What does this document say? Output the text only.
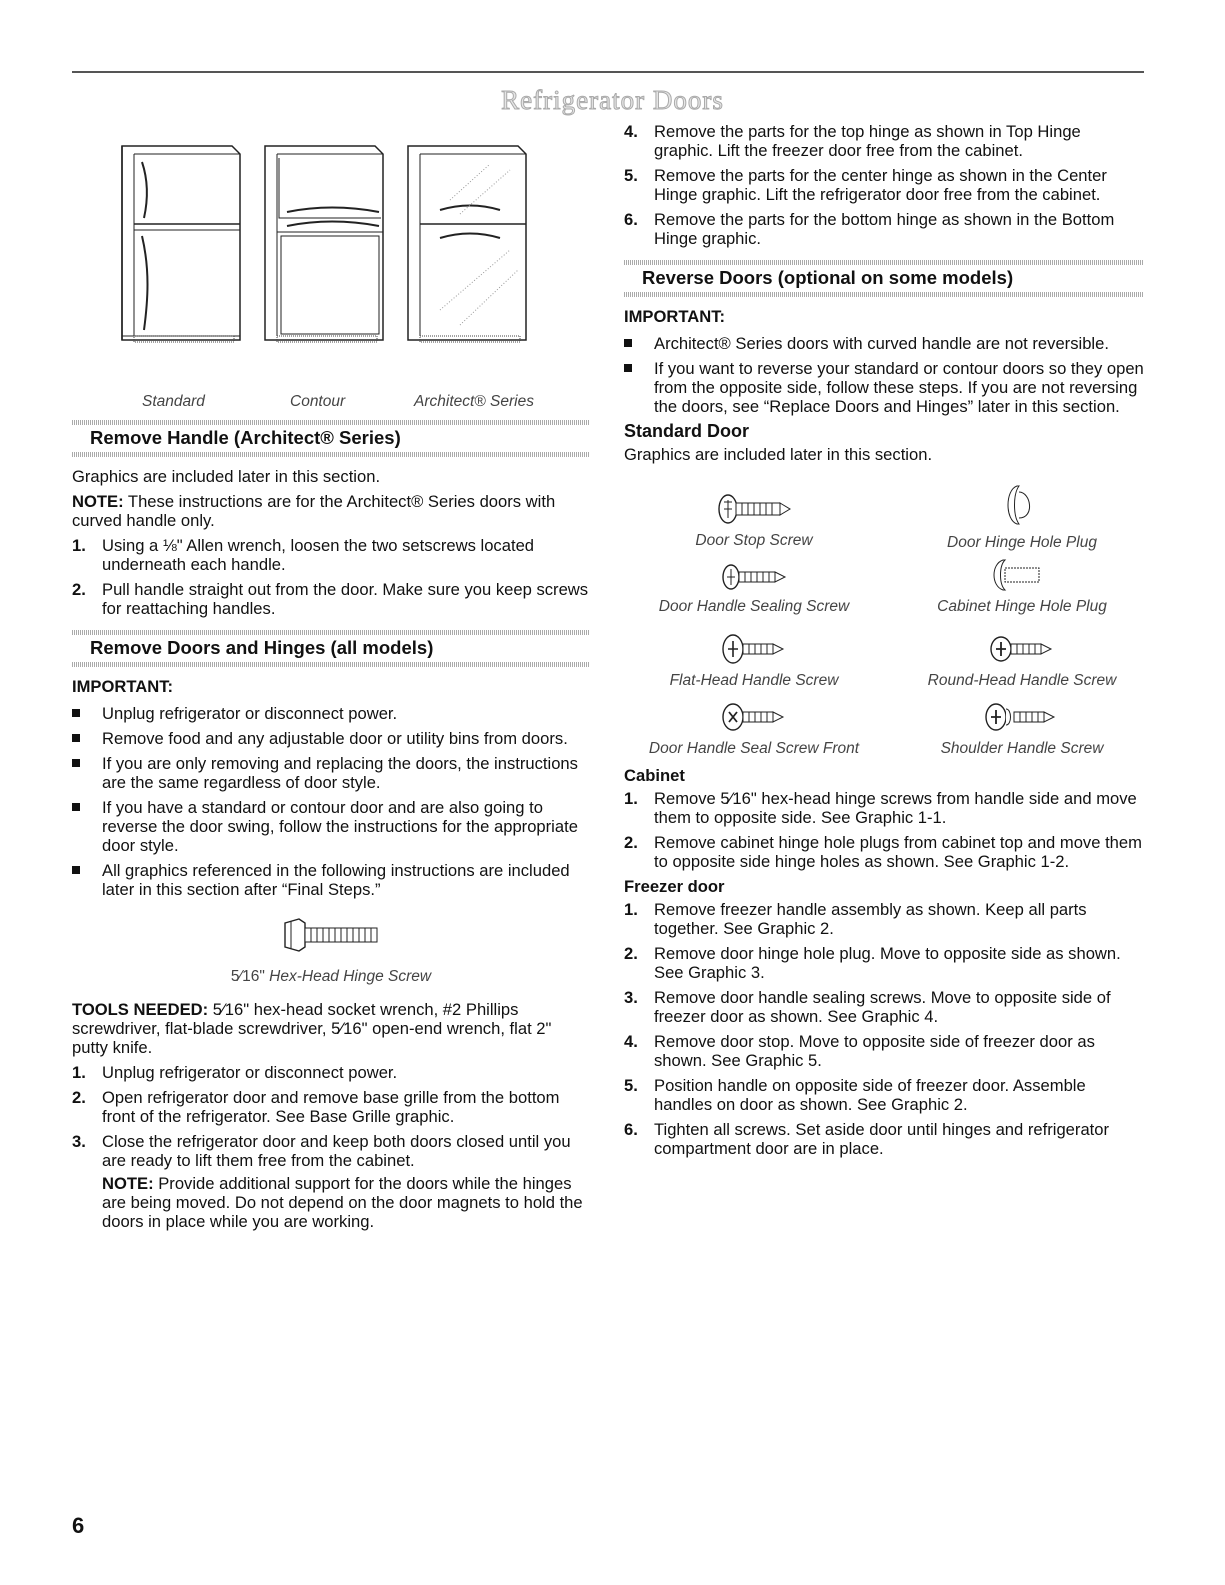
Refrigerator Doors
Standard	Contour	Architect® Series
Remove Handle (Architect® Series)

Graphics are included later in this section.

NOTE: These instructions are for the Architect® Series doors with curved handle only.

1. Using a ⅛" Allen wrench, loosen the two setscrews located underneath each handle.
2. Pull handle straight out from the door. Make sure you keep screws for reattaching handles.
Remove Doors and Hinges (all models)
IMPORTANT:
Unplug refrigerator or disconnect power.
Remove food and any adjustable door or utility bins from doors.
If you are only removing and replacing the doors, the instructions are the same regardless of door style.
If you have a standard or contour door and are also going to reverse the door swing, follow the instructions for the appropriate door style.
All graphics referenced in the following instructions are included later in this section after “Final Steps.”
5⁄16" Hex-Head Hinge Screw

TOOLS NEEDED: 5⁄16" hex-head socket wrench, #2 Phillips screwdriver, flat-blade screwdriver, 5⁄16" open-end wrench, flat 2" putty knife.

1. Unplug refrigerator or disconnect power.
2. Open refrigerator door and remove base grille from the bottom front of the refrigerator. See Base Grille graphic.
3. Close the refrigerator door and keep both doors closed until you are ready to lift them free from the cabinet.
NOTE: Provide additional support for the doors while the hinges are being moved. Do not depend on the door magnets to hold the doors in place while you are working.
4. Remove the parts for the top hinge as shown in Top Hinge graphic. Lift the freezer door free from the cabinet.
5. Remove the parts for the center hinge as shown in the Center Hinge graphic. Lift the refrigerator door free from the cabinet.
6. Remove the parts for the bottom hinge as shown in the Bottom Hinge graphic.
Reverse Doors (optional on some models)
IMPORTANT:
Architect® Series doors with curved handle are not reversible.
If you want to reverse your standard or contour doors so they open from the opposite side, follow these steps. If you are not reversing the doors, see “Replace Doors and Hinges” later in this section.
Standard Door

Graphics are included later in this section.

Door Stop Screw	Door Hinge Hole Plug
Door Handle Sealing Screw	Cabinet Hinge Hole Plug
Flat-Head Handle Screw	Round-Head Handle Screw
Door Handle Seal Screw Front	Shoulder Handle Screw
Cabinet
1. Remove 5⁄16" hex-head hinge screws from handle side and move them to opposite side. See Graphic 1-1.
2. Remove cabinet hinge hole plugs from cabinet top and move them to opposite side hinge holes as shown. See Graphic 1-2.
Freezer door
1. Remove freezer handle assembly as shown. Keep all parts together. See Graphic 2.
2. Remove door hinge hole plug. Move to opposite side as shown. See Graphic 3.
3. Remove door handle sealing screws. Move to opposite side of freezer door as shown. See Graphic 4.
4. Remove door stop. Move to opposite side of freezer door as shown. See Graphic 5.
5. Position handle on opposite side of freezer door. Assemble handles on door as shown. See Graphic 2.
6. Tighten all screws. Set aside door until hinges and refrigerator compartment door are in place.
6
